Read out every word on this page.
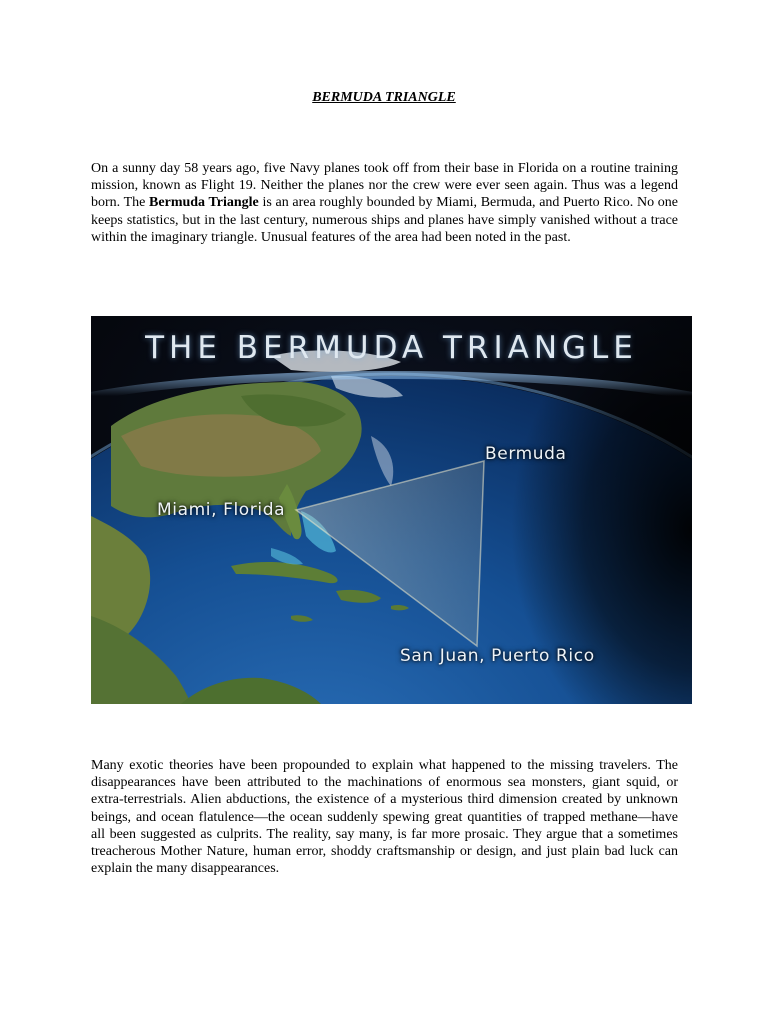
BERMUDA TRIANGLE

On a sunny day 58 years ago, five Navy planes took off from their base in Florida on a routine training mission, known as Flight 19. Neither the planes nor the crew were ever seen again. Thus was a legend born. The Bermuda Triangle is an area roughly bounded by Miami, Bermuda, and Puerto Rico. No one keeps statistics, but in the last century, numerous ships and planes have simply vanished without a trace within the imaginary triangle. Unusual features of the area had been noted in the past.

THE BERMUDA TRIANGLE

Bermuda
Miami, Florida
San Juan, Puerto Rico

Many exotic theories have been propounded to explain what happened to the missing travelers. The disappearances have been attributed to the machinations of enormous sea monsters, giant squid, or extra-terrestrials. Alien abductions, the existence of a mysterious third dimension created by unknown beings, and ocean flatulence—the ocean suddenly spewing great quantities of trapped methane—have all been suggested as culprits. The reality, say many, is far more prosaic. They argue that a sometimes treacherous Mother Nature, human error, shoddy craftsmanship or design, and just plain bad luck can explain the many disappearances.
